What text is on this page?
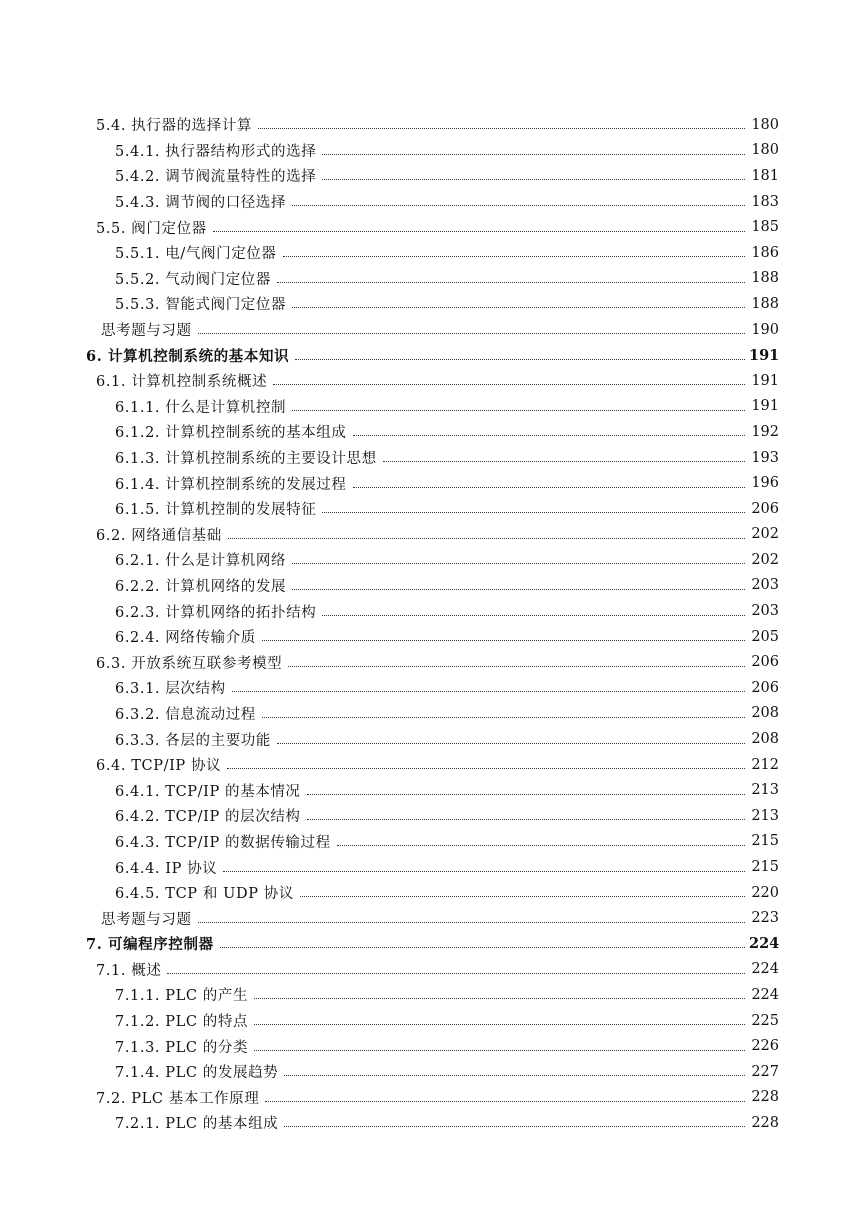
5.4. 执行器的选择计算	180
5.4.1. 执行器结构形式的选择	180
5.4.2. 调节阀流量特性的选择	181
5.4.3. 调节阀的口径选择	183
5.5. 阀门定位器	185
5.5.1. 电/气阀门定位器	186
5.5.2. 气动阀门定位器	188
5.5.3. 智能式阀门定位器	188
思考题与习题	190
6. 计算机控制系统的基本知识	191
6.1. 计算机控制系统概述	191
6.1.1. 什么是计算机控制	191
6.1.2. 计算机控制系统的基本组成	192
6.1.3. 计算机控制系统的主要设计思想	193
6.1.4. 计算机控制系统的发展过程	196
6.1.5. 计算机控制的发展特征	206
6.2. 网络通信基础	202
6.2.1. 什么是计算机网络	202
6.2.2. 计算机网络的发展	203
6.2.3. 计算机网络的拓扑结构	203
6.2.4. 网络传输介质	205
6.3. 开放系统互联参考模型	206
6.3.1. 层次结构	206
6.3.2. 信息流动过程	208
6.3.3. 各层的主要功能	208
6.4. TCP/IP 协议	212
6.4.1. TCP/IP 的基本情况	213
6.4.2. TCP/IP 的层次结构	213
6.4.3. TCP/IP 的数据传输过程	215
6.4.4. IP 协议	215
6.4.5. TCP 和 UDP 协议	220
思考题与习题	223
7. 可编程序控制器	224
7.1. 概述	224
7.1.1. PLC 的产生	224
7.1.2. PLC 的特点	225
7.1.3. PLC 的分类	226
7.1.4. PLC 的发展趋势	227
7.2. PLC 基本工作原理	228
7.2.1. PLC 的基本组成	228
